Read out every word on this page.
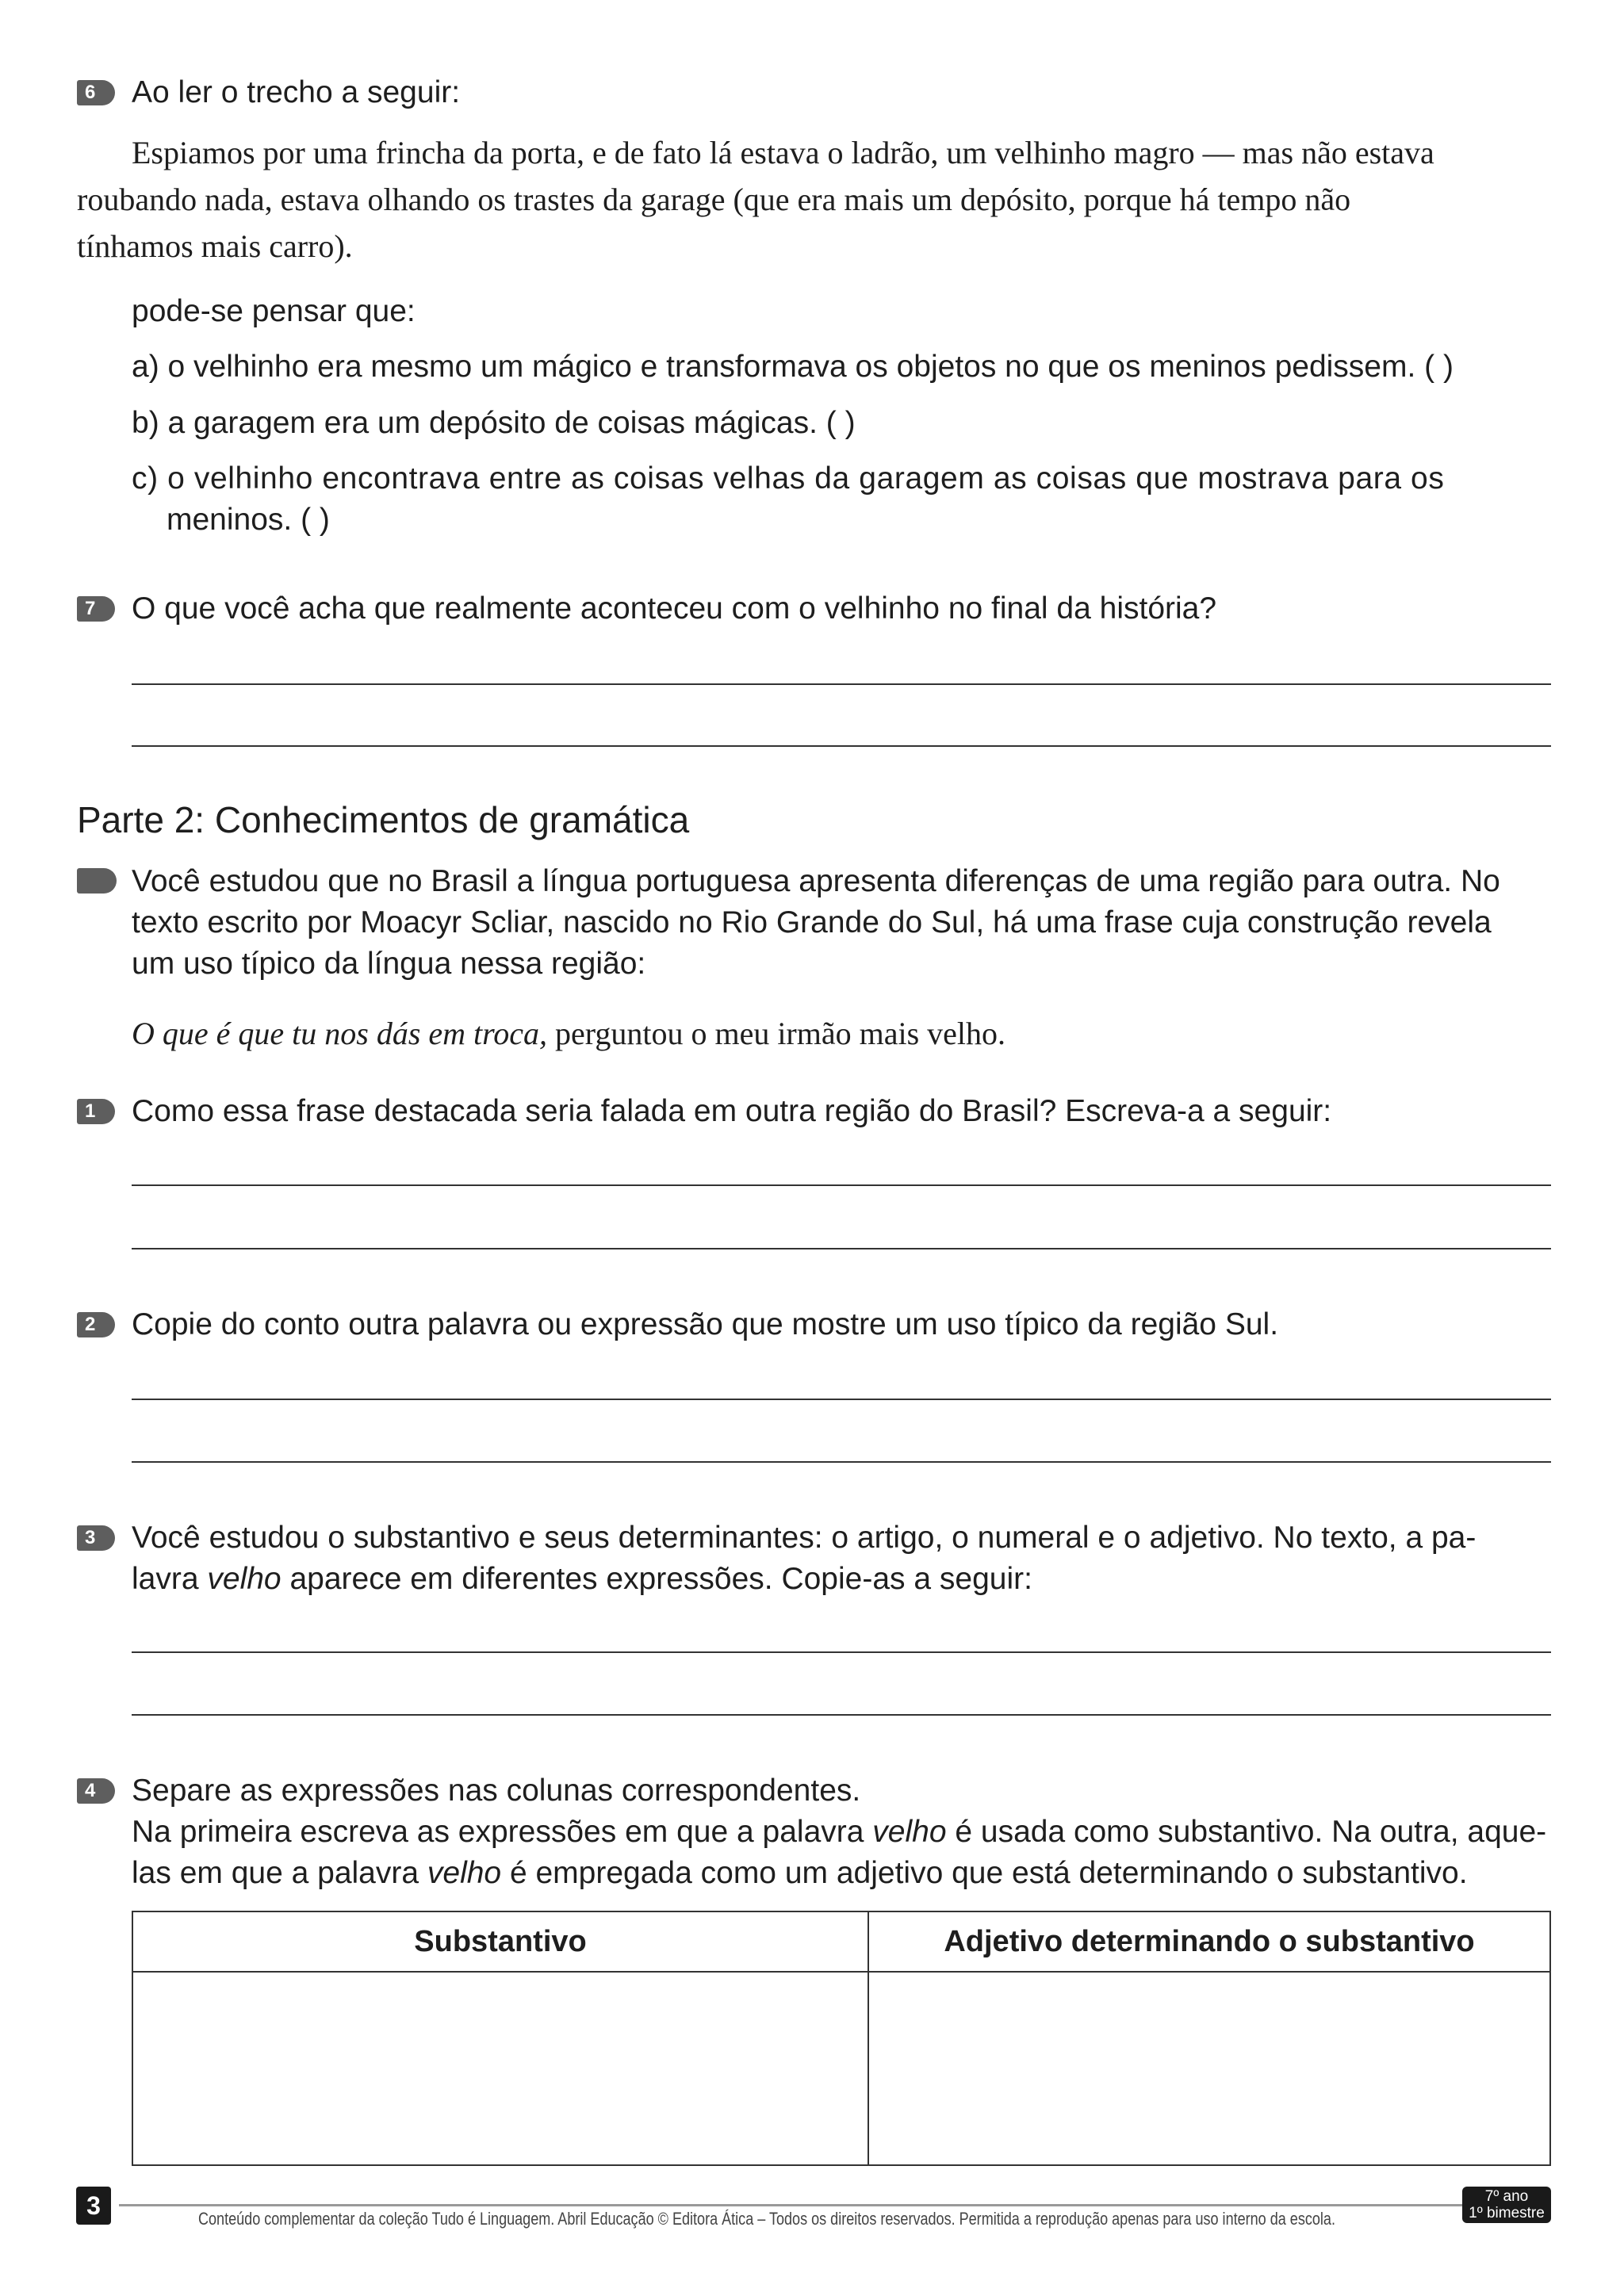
6	Ao ler o trecho a seguir:
Espiamos por uma frincha da porta, e de fato lá estava o ladrão, um velhinho magro — mas não estava
roubando nada, estava olhando os trastes da garage (que era mais um depósito, porque há tempo não
tínhamos mais carro).
pode-se pensar que:
a) o velhinho era mesmo um mágico e transformava os objetos no que os meninos pedissem. ( )
b) a garagem era um depósito de coisas mágicas. ( )
c) o velhinho encontrava entre as coisas velhas da garagem as coisas que mostrava para os
meninos. ( )
7	O que você acha que realmente aconteceu com o velhinho no final da história?
Parte 2: Conhecimentos de gramática
Você estudou que no Brasil a língua portuguesa apresenta diferenças de uma região para outra. No
texto escrito por Moacyr Scliar, nascido no Rio Grande do Sul, há uma frase cuja construção revela
um uso típico da língua nessa região:
O que é que tu nos dás em troca, perguntou o meu irmão mais velho.
1	Como essa frase destacada seria falada em outra região do Brasil? Escreva-a a seguir:
2	Copie do conto outra palavra ou expressão que mostre um uso típico da região Sul.
3	Você estudou o substantivo e seus determinantes: o artigo, o numeral e o adjetivo. No texto, a pa-
lavra velho aparece em diferentes expressões. Copie-as a seguir:
4	Separe as expressões nas colunas correspondentes.
Na primeira escreva as expressões em que a palavra velho é usada como substantivo. Na outra, aque-
las em que a palavra velho é empregada como um adjetivo que está determinando o substantivo.
Substantivo	Adjetivo determinando o substantivo

3	Conteúdo complementar da coleção Tudo é Linguagem. Abril Educação © Editora Ática – Todos os direitos reservados. Permitida a reprodução apenas para uso interno da escola.
7º ano
1º bimestre
